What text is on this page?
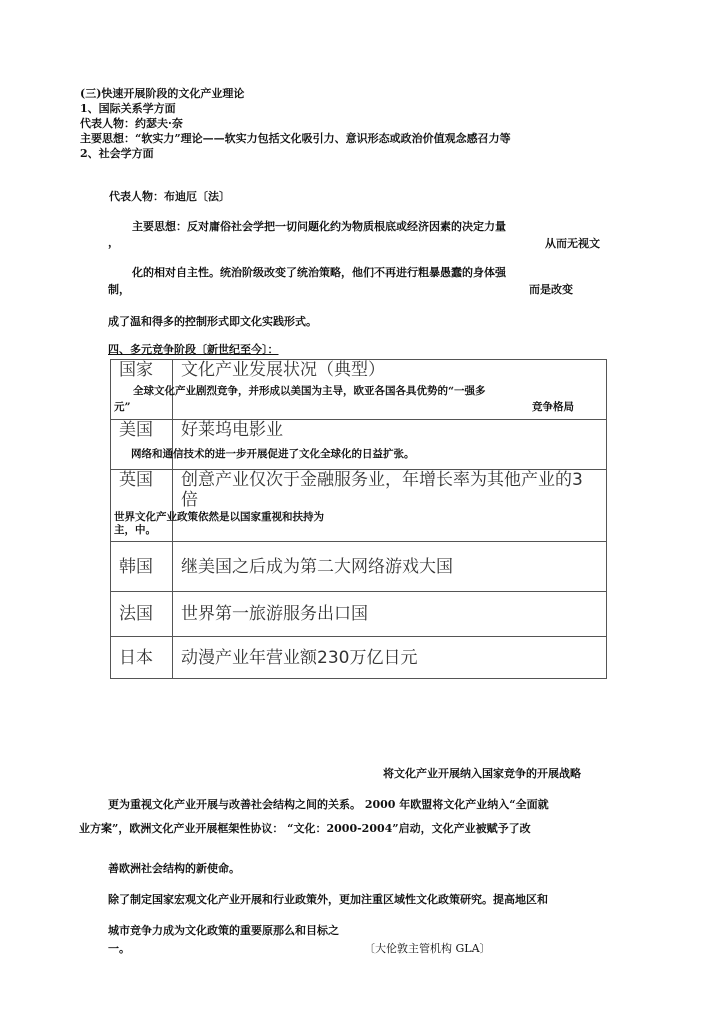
(三)快速开展阶段的文化产业理论
1、国际关系学方面
代表人物：约瑟夫·奈
主要思想：“软实力”理论——软实力包括文化吸引力、意识形态或政治价值观念感召力等
2、社会学方面
代表人物：布迪厄〔法〕
主要思想：反对庸俗社会学把一切问题化约为物质根底或经济因素的决定力量
，	从而无视文
化的相对自主性。统治阶级改变了统治策略，他们不再进行粗暴愚蠢的身体强
制，	而是改变
成了温和得多的控制形式即文化实践形式。
四、多元竞争阶段〔新世纪至今〕：
国家	文化产业发展状况（典型）
美国	好莱坞电影业
英国	创意产业仅次于金融服务业，年增长率为其他产业的3倍
韩国	继美国之后成为第二大网络游戏大国
法国	世界第一旅游服务出口国
日本	动漫产业年营业额230万亿日元
全球文化产业剧烈竞争，并形成以美国为主导，欧亚各国各具优势的“一强多
元”	竞争格局
网络和通信技术的进一步开展促进了文化全球化的日益扩张。
世界文化产业政策依然是以国家重视和扶持为
主，中。
将文化产业开展纳入国家竞争的开展战略
更为重视文化产业开展与改善社会结构之间的关系。 2000 年欧盟将文化产业纳入“全面就
业方案”，欧洲文化产业开展框架性协议： “文化：2000-2004”启动，文化产业被赋予了改
善欧洲社会结构的新使命。
除了制定国家宏观文化产业开展和行业政策外，更加注重区域性文化政策研究。提高地区和
城市竞争力成为文化政策的重要原那么和目标之
一。	〔大伦敦主管机构 GLA〕
